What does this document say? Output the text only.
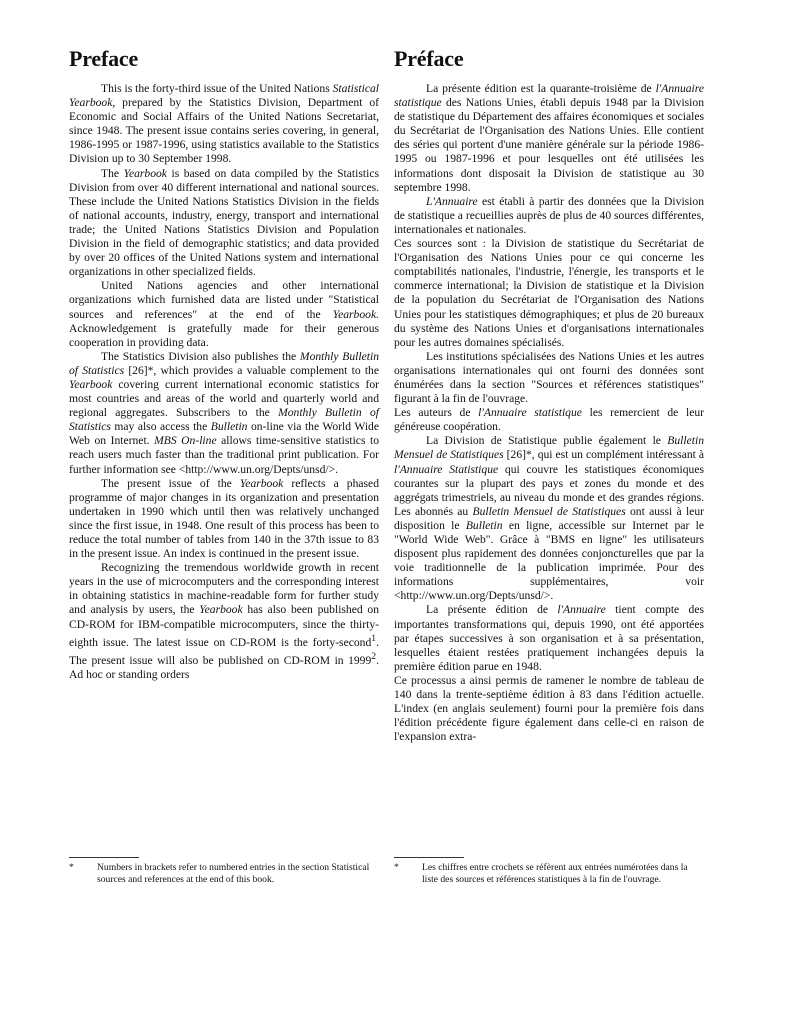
Preface

This is the forty-third issue of the United Nations Statistical Yearbook, prepared by the Statistics Division, Department of Economic and Social Affairs of the United Nations Secretariat, since 1948. The present issue contains series covering, in general, 1986-1995 or 1987-1996, using statistics available to the Statistics Division up to 30 September 1998.

The Yearbook is based on data compiled by the Statistics Division from over 40 different international and national sources. These include the United Nations Statistics Division in the fields of national accounts, industry, energy, transport and international trade; the United Nations Statistics Division and Population Division in the field of demographic statistics; and data provided by over 20 offices of the United Nations system and international organizations in other specialized fields.

United Nations agencies and other international organizations which furnished data are listed under "Statistical sources and references" at the end of the Yearbook. Acknowledgement is gratefully made for their generous cooperation in providing data.

The Statistics Division also publishes the Monthly Bulletin of Statistics [26]*, which provides a valuable complement to the Yearbook covering current international economic statistics for most countries and areas of the world and quarterly world and regional aggregates. Subscribers to the Monthly Bulletin of Statistics may also access the Bulletin on-line via the World Wide Web on Internet. MBS On-line allows time-sensitive statistics to reach users much faster than the traditional print publication. For further information see <http://www.un.org/Depts/unsd/>.

The present issue of the Yearbook reflects a phased programme of major changes in its organization and presentation undertaken in 1990 which until then was relatively unchanged since the first issue, in 1948. One result of this process has been to reduce the total number of tables from 140 in the 37th issue to 83 in the present issue. An index is continued in the present issue.

Recognizing the tremendous worldwide growth in recent years in the use of microcomputers and the corresponding interest in obtaining statistics in machine-readable form for further study and analysis by users, the Yearbook has also been published on CD-ROM for IBM-compatible microcomputers, since the thirty-eighth issue. The latest issue on CD-ROM is the forty-second$^1$. The present issue will also be published on CD-ROM in 1999$^2$. Ad hoc or standing orders

Préface

La présente édition est la quarante-troisième de l'Annuaire statistique des Nations Unies, établi depuis 1948 par la Division de statistique du Département des affaires économiques et sociales du Secrétariat de l'Organisation des Nations Unies. Elle contient des séries qui portent d'une manière générale sur la période 1986-1995 ou 1987-1996 et pour lesquelles ont été utilisées les informations dont disposait la Division de statistique au 30 septembre 1998.

L'Annuaire est établi à partir des données que la Division de statistique a recueillies auprès de plus de 40 sources différentes, internationales et nationales.

Ces sources sont : la Division de statistique du Secrétariat de l'Organisation des Nations Unies pour ce qui concerne les comptabilités nationales, l'industrie, l'énergie, les transports et le commerce international; la Division de statistique et la Division de la population du Secrétariat de l'Organisation des Nations Unies pour les statistiques démographiques; et plus de 20 bureaux du système des Nations Unies et d'organisations internationales pour les autres domaines spécialisés.

Les institutions spécialisées des Nations Unies et les autres organisations internationales qui ont fourni des données sont énumérées dans la section "Sources et références statistiques" figurant à la fin de l'ouvrage.

Les auteurs de l'Annuaire statistique les remercient de leur généreuse coopération.

La Division de Statistique publie également le Bulletin Mensuel de Statistiques [26]*, qui est un complément intéressant à l'Annuaire Statistique qui couvre les statistiques économiques courantes sur la plupart des pays et zones du monde et des aggrégats trimestriels, au niveau du monde et des grandes régions. Les abonnés au Bulletin Mensuel de Statistiques ont aussi à leur disposition le Bulletin en ligne, accessible sur Internet par le "World Wide Web". Grâce à "BMS en ligne" les utilisateurs disposent plus rapidement des données conjoncturelles que par la voie traditionnelle de la publication imprimée. Pour des informations supplémentaires, voir <http://www.un.org/Depts/unsd/>.

La présente édition de l'Annuaire tient compte des importantes transformations qui, depuis 1990, ont été apportées par étapes successives à son organisation et à sa présentation, lesquelles étaient restées pratiquement inchangées depuis la première édition parue en 1948.

Ce processus a ainsi permis de ramener le nombre de tableau de 140 dans la trente-septième édition à 83 dans l'édition actuelle. L'index (en anglais seulement) fourni pour la première fois dans l'édition précédente figure également dans celle-ci en raison de l'expansion extra-

*	Numbers in brackets refer to numbered entries in the section Statistical sources and references at the end of this book.
*	Les chiffres entre crochets se réfèrent aux entrées numérotées dans la liste des sources et références statistiques à la fin de l'ouvrage.
